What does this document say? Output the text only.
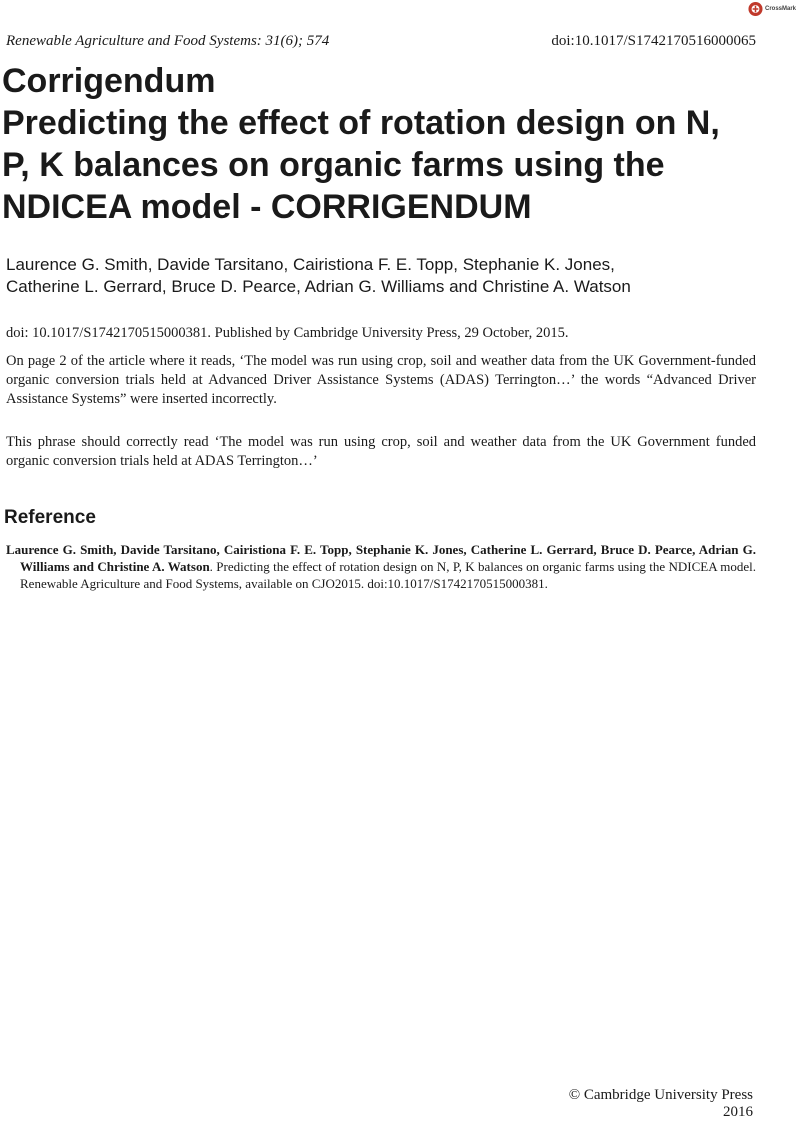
CrossMark
Renewable Agriculture and Food Systems: 31(6); 574	doi:10.1017/S1742170516000065
Corrigendum
Predicting the effect of rotation design on N,
P, K balances on organic farms using the
NDICEA model - CORRIGENDUM
Laurence G. Smith, Davide Tarsitano, Cairistiona F. E. Topp, Stephanie K. Jones,
Catherine L. Gerrard, Bruce D. Pearce, Adrian G. Williams and Christine A. Watson
doi: 10.1017/S1742170515000381. Published by Cambridge University Press, 29 October, 2015.

On page 2 of the article where it reads, ‘The model was run using crop, soil and weather data from the UK Government-funded organic conversion trials held at Advanced Driver Assistance Systems (ADAS) Terrington…’ the words “Advanced Driver Assistance Systems” were inserted incorrectly.

This phrase should correctly read ‘The model was run using crop, soil and weather data from the UK Government funded organic conversion trials held at ADAS Terrington…’

Reference

Laurence G. Smith, Davide Tarsitano, Cairistiona F. E. Topp, Stephanie K. Jones, Catherine L. Gerrard, Bruce D. Pearce, Adrian G. Williams and Christine A. Watson. Predicting the effect of rotation design on N, P, K balances on organic farms using the NDICEA model. Renewable Agriculture and Food Systems, available on CJO2015. doi:10.1017/S1742170515000381.

© Cambridge University Press 2016
